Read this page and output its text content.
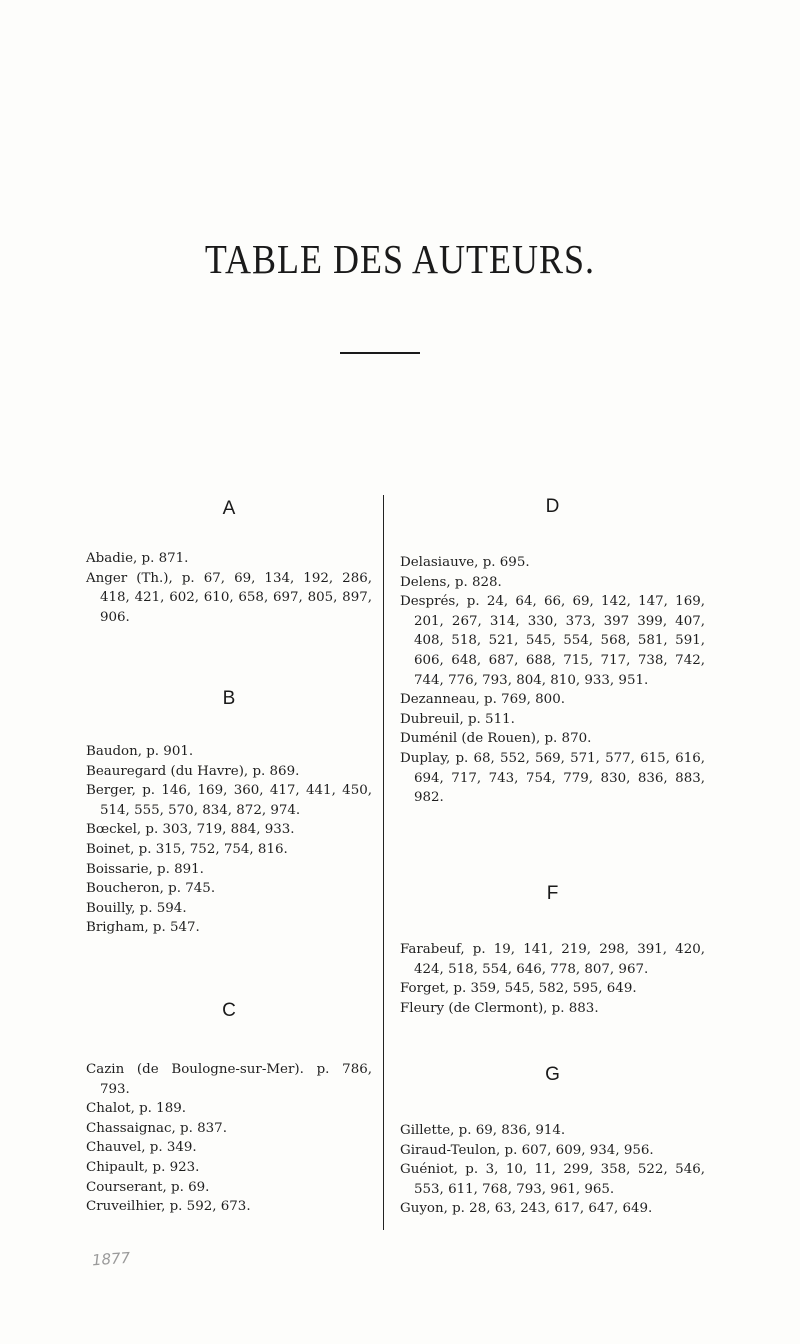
TABLE DES AUTEURS.
A
Abadie, p. 871.
Anger (Th.), p. 67, 69, 134, 192, 286, 418, 421, 602, 610, 658, 697, 805, 897, 906.
B
Baudon, p. 901.
Beauregard (du Havre), p. 869.
Berger, p. 146, 169, 360, 417, 441, 450, 514, 555, 570, 834, 872, 974.
Bœckel, p. 303, 719, 884, 933.
Boinet, p. 315, 752, 754, 816.
Boissarie, p. 891.
Boucheron, p. 745.
Bouilly, p. 594.
Brigham, p. 547.
C
Cazin (de Boulogne-sur-Mer). p. 786, 793.
Chalot, p. 189.
Chassaignac, p. 837.
Chauvel, p. 349.
Chipault, p. 923.
Courserant, p. 69.
Cruveilhier, p. 592, 673.
D
Delasiauve, p. 695.
Delens, p. 828.
Després, p. 24, 64, 66, 69, 142, 147, 169, 201, 267, 314, 330, 373, 397 399, 407, 408, 518, 521, 545, 554, 568, 581, 591, 606, 648, 687, 688, 715, 717, 738, 742, 744, 776, 793, 804, 810, 933, 951.
Dezanneau, p. 769, 800.
Dubreuil, p. 511.
Duménil (de Rouen), p. 870.
Duplay, p. 68, 552, 569, 571, 577, 615, 616, 694, 717, 743, 754, 779, 830, 836, 883, 982.
F
Farabeuf, p. 19, 141, 219, 298, 391, 420, 424, 518, 554, 646, 778, 807, 967.
Forget, p. 359, 545, 582, 595, 649.
Fleury (de Clermont), p. 883.
G
Gillette, p. 69, 836, 914.
Giraud-Teulon, p. 607, 609, 934, 956.
Guéniot, p. 3, 10, 11, 299, 358, 522, 546, 553, 611, 768, 793, 961, 965.
Guyon, p. 28, 63, 243, 617, 647, 649.
1877
